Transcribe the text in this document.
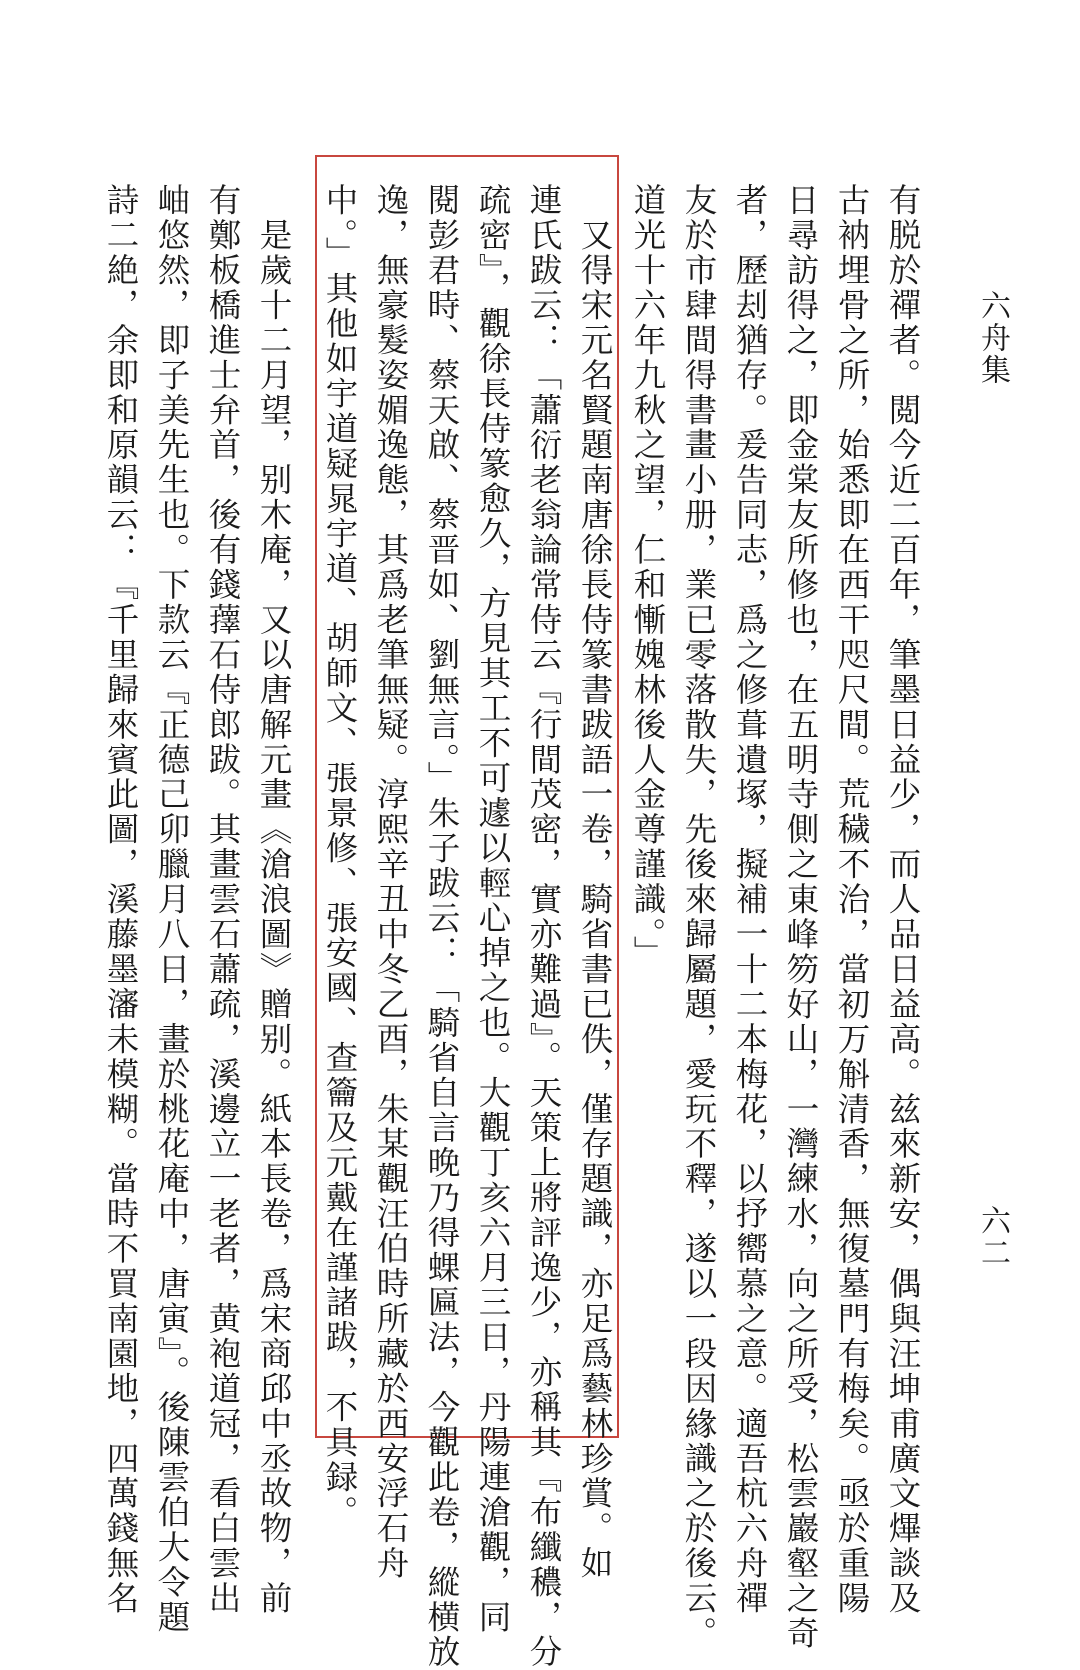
六舟集
六二
有脱於禪者。閲今近二百年，筆墨日益少，而人品日益高。兹來新安，偶與汪坤甫廣文熚談及
古衲埋骨之所，始悉即在西干咫尺間。荒穢不治，當初万斛清香，無復墓門有梅矣。亟於重陽
日尋訪得之，即金棠友所修也，在五明寺側之東峰笏好山，一灣練水，向之所受，松雲巖壑之奇
者，歷刦猶存。爰告同志，爲之修葺遺塚，擬補一十二本梅花，以抒嚮慕之意。適吾杭六舟禪
友於市肆間得書畫小册，業已零落散失，先後來歸屬題，愛玩不釋，遂以一段因緣識之於後云。
道光十六年九秋之望，仁和慚媿林後人金尊謹識。」
　又得宋元名賢題南唐徐長侍篆書跋語一卷，騎省書已佚，僅存題識，亦足爲藝林珍賞。如
連氏跋云：「蕭衍老翁論常侍云『行間茂密，實亦難過』。天策上將評逸少，亦稱其『布纖穠，分
疏密』，觀徐長侍篆愈久，方見其工不可遽以輕心掉之也。大觀丁亥六月三日，丹陽連滄觀，同
閱彭君時、蔡天啟、蔡晋如、劉無言。」朱子跋云：「騎省自言晚乃得蜾匾法，今觀此卷，縱横放
逸，無豪髮姿媚逸態，其爲老筆無疑。淳熙辛丑中冬乙酉，朱某觀汪伯時所藏於西安浮石舟
中。」其他如宇道疑晁宇道、胡師文、張景修、張安國、查籥及元戴在謹諸跋，不具録。
　是歲十二月望，别木庵，又以唐解元畫《滄浪圖》贈别。紙本長卷，爲宋商邱中丞故物，前
有鄭板橋進士弁首，後有錢蘀石侍郎跋。其畫雲石蕭疏，溪邊立一老者，黄袍道冠，看白雲出
岫悠然，即子美先生也。下款云『正德己卯臘月八日，畫於桃花庵中，唐寅』。後陳雲伯大令題
詩二絶，余即和原韻云：『千里歸來賓此圖，溪藤墨瀋未模糊。當時不買南園地，四萬錢無名
